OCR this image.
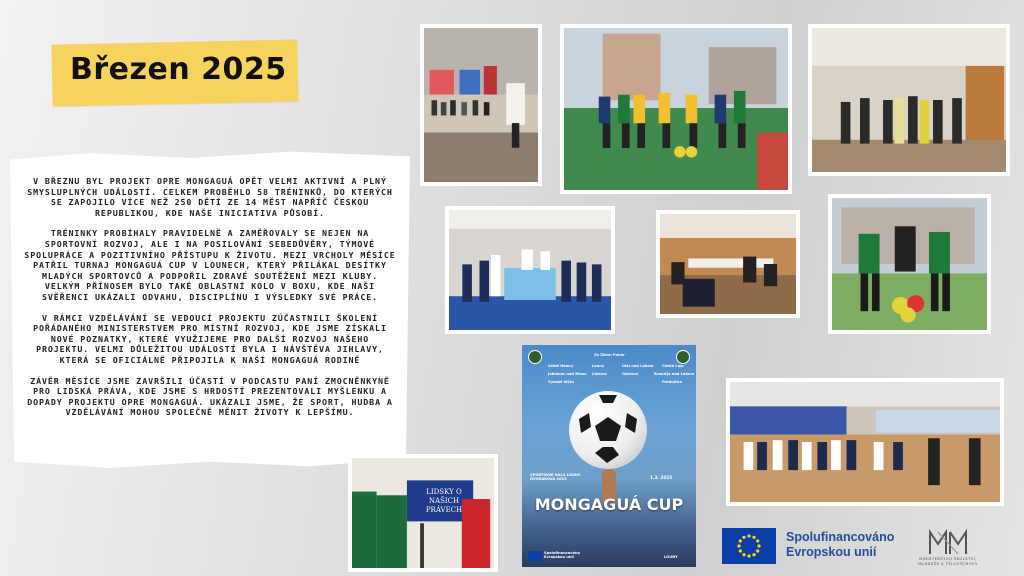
Březen 2025

V BŘEZNU BYL PROJEKT OPRE MONGAGUÁ OPĚT VELMI AKTIVNÍ A PLNÝ SMYSLUPLNÝCH UDÁLOSTÍ. CELKEM PROBĚHLO 58 TRÉNINKŮ, DO KTERÝCH SE ZAPOJILO VÍCE NEŽ 250 DĚTÍ ZE 14 MĚST NAPŘÍČ ČESKOU REPUBLIKOU, KDE NAŠE INICIATIVA PŮSOBÍ.

TRÉNINKY PROBÍHALY PRAVIDELNĚ A ZAMĚŘOVALY SE NEJEN NA SPORTOVNÍ ROZVOJ, ALE I NA POSILOVÁNÍ SEBEDŮVĚRY, TÝMOVÉ SPOLUPRÁCE A POZITIVNÍHO PŘÍSTUPU K ŽIVOTU. MEZI VRCHOLY MĚSÍCE PATŘIL TURNAJ MONGAGUÁ CUP V LOUNECH, KTERÝ PŘILÁKAL DESÍTKY MLADÝCH SPORTOVCŮ A PODPOŘIL ZDRAVÉ SOUTĚŽENÍ MEZI KLUBY. VELKÝM PŘÍNOSEM BYLO TAKÉ OBLASTNÍ KOLO V BOXU, KDE NAŠI SVĚŘENCI UKÁZALI ODVAHU, DISCIPLÍNU I VÝSLEDKY SVÉ PRÁCE.

V RÁMCI VZDĚLÁVÁNÍ SE VEDOUCÍ PROJEKTU ZÚČASTNILI ŠKOLENÍ POŘÁDANÉHO MINISTERSTVEM PRO MÍSTNÍ ROZVOJ, KDE JSME ZÍSKALI NOVÉ POZNATKY, KTERÉ VYUŽIJEME PRO DALŠÍ ROZVOJ NAŠEHO PROJEKTU. VELMI DŮLEŽITOU UDÁLOSTÍ BYLA I NÁVŠTĚVA JIHLAVY, KTERÁ SE OFICIÁLNĚ PŘIPOJILA K NAŠÍ MONGAGUÁ RODINĚ

ZÁVĚR MĚSÍCE JSME ZAVRŠILI ÚČASTÍ V PODCASTU PANÍ ZMOCNĚNKYNĚ PRO LIDSKÁ PRÁVA, KDE JSME S HRDOSTÍ PREZENTOVALI MYŠLENKU A DOPADY PROJEKTU OPRE MONGAGUÁ. UKÁZALI JSME, ŽE SPORT, HUDBA A VZDĚLÁVÁNÍ MOHOU SPOLEČNĚ MĚNIT ŽIVOTY K LEPŠÍMU.

LIDSKY O NAŠICH PRÁVECH
Ze Zimní Pohár
Velké Hamry	Louny	Ústí nad Labem Česká Lípa
Jablonec nad Nisou Liberec	Ostrava	Brandýs nad Labem
Vysoké Mýto	Pardubice
SPORTOVNÍ HALA LOUNY
DVORAKOVA 2623	1.3. 2025
MONGAGUÁ CUP
Spolufinancováno Evropskou unií	LOUNY
Spolufinancováno
Evropskou unií	MINISTERSTVO ŠKOLSTVÍ,
MLÁDEŽE A TĚLOVÝCHOVY
